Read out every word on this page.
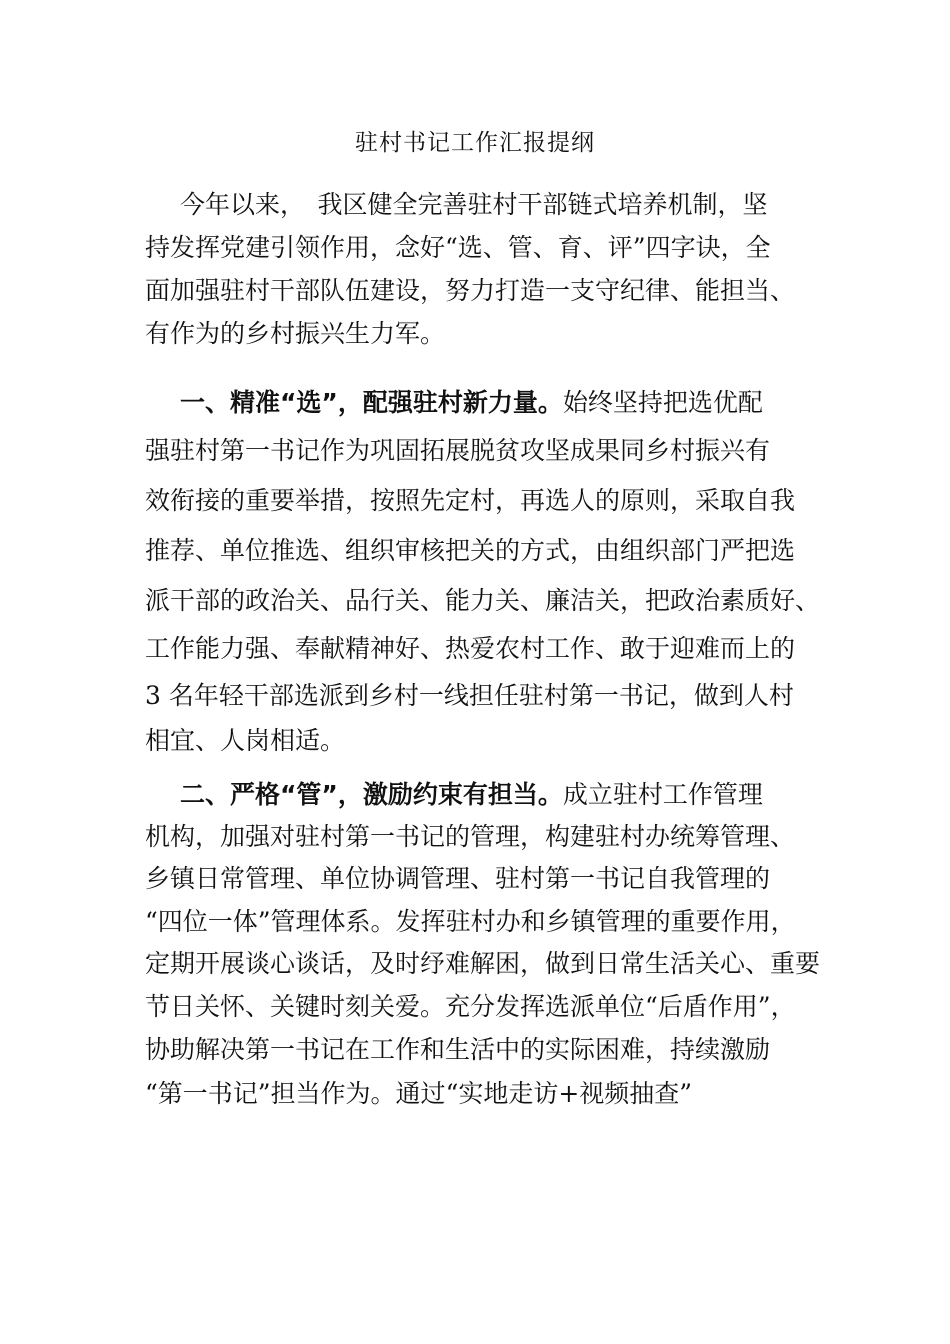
驻村书记工作汇报提纲
今年以来，　我区健全完善驻村干部链式培养机制，坚
持发挥党建引领作用，念好“选、管、育、评”四字诀，全
面加强驻村干部队伍建设，努力打造一支守纪律、能担当、
有作为的乡村振兴生力军。
一、精准“选”，配强驻村新力量。始终坚持把选优配
强驻村第一书记作为巩固拓展脱贫攻坚成果同乡村振兴有
效衔接的重要举措，按照先定村，再选人的原则，采取自我
推荐、单位推选、组织审核把关的方式，由组织部门严把选
派干部的政治关、品行关、能力关、廉洁关，把政治素质好、
工作能力强、奉献精神好、热爱农村工作、敢于迎难而上的
3 名年轻干部选派到乡村一线担任驻村第一书记，做到人村
相宜、人岗相适。
二、严格“管”，激励约束有担当。成立驻村工作管理
机构，加强对驻村第一书记的管理，构建驻村办统筹管理、
乡镇日常管理、单位协调管理、驻村第一书记自我管理的
“四位一体”管理体系。发挥驻村办和乡镇管理的重要作用，
定期开展谈心谈话，及时纾难解困，做到日常生活关心、重要
节日关怀、关键时刻关爱。充分发挥选派单位“后盾作用”，
协助解决第一书记在工作和生活中的实际困难，持续激励
“第一书记”担当作为。通过“实地走访+视频抽查”
